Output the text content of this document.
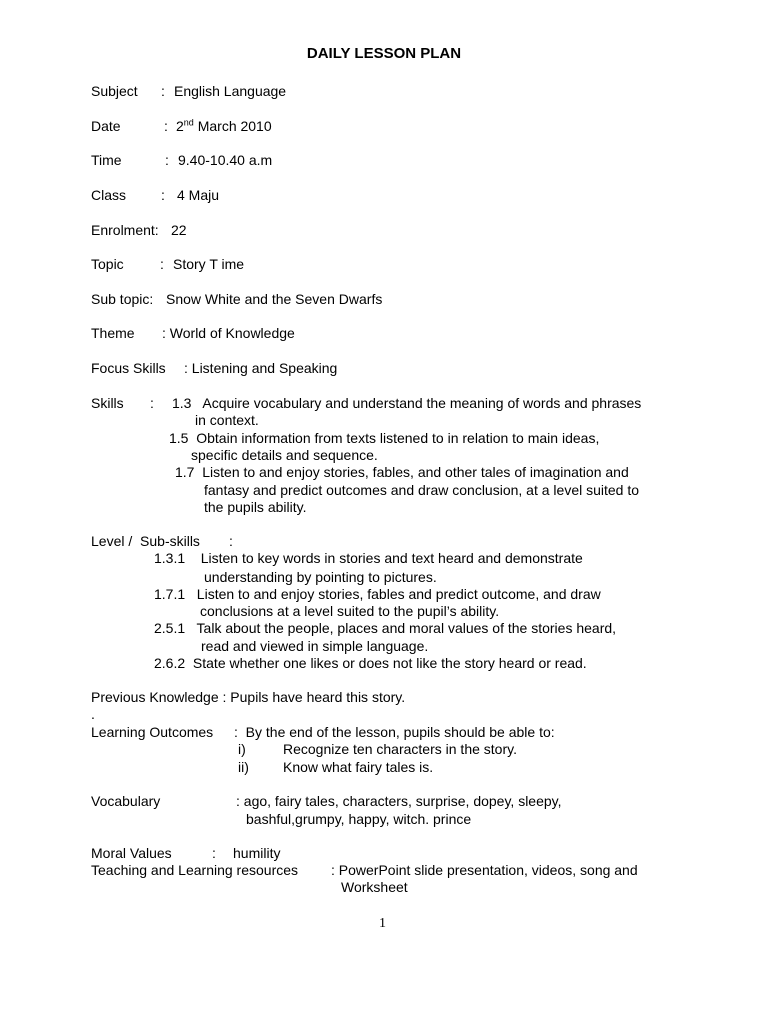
DAILY LESSON PLAN
Subject : English Language
Date	: 2nd March 2010
Time	: 9.40-10.40 a.m
Class : 4 Maju
Enrolment: 22
Topic	: Story T ime
Sub topic: Snow White and the Seven Dwarfs
Theme : World of Knowledge
Focus Skills : Listening and Speaking
Skills : 1.3   Acquire vocabulary and understand the meaning of words and phrases
in context.
1.5  Obtain information from texts listened to in relation to main ideas,
specific details and sequence.
1.7  Listen to and enjoy stories, fables, and other tales of imagination and
fantasy and predict outcomes and draw conclusion, at a level suited to
the pupils ability.
Level /  Sub-skills :
1.3.1    Listen to key words in stories and text heard and demonstrate
understanding by pointing to pictures.
1.7.1   Listen to and enjoy stories, fables and predict outcome, and draw
conclusions at a level suited to the pupil’s ability.
2.5.1   Talk about the people, places and moral values of the stories heard,
read and viewed in simple language.
2.6.2  State whether one likes or does not like the story heard or read.
Previous Knowledge : Pupils have heard this story.
.
Learning Outcomes :  By the end of the lesson, pupils should be able to:
i)	Recognize ten characters in the story.
ii) Know what fairy tales is.
Vocabulary	: ago, fairy tales, characters, surprise, dopey, sleepy,
bashful,grumpy, happy, witch. prince
Moral Values	: humility
Teaching and Learning resources : PowerPoint slide presentation, videos, song and
Worksheet
1
